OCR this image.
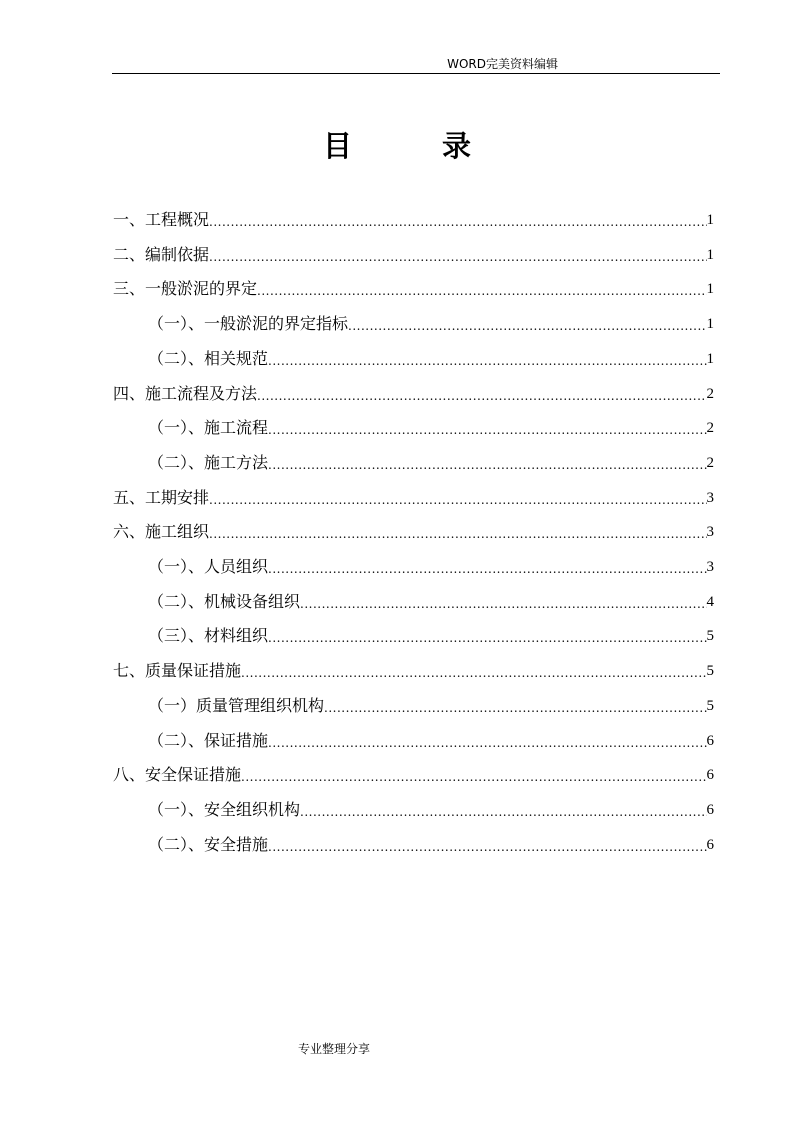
WORD完美资料编辑
目 录
一、工程概况 .....	1
二、编制依据 .....	1
三、一般淤泥的界定 .....	1
（一）、一般淤泥的界定指标 .....	1
（二）、相关规范 .....	1
四、施工流程及方法 .....	2
（一）、施工流程 .....	2
（二）、施工方法 .....	2
五、工期安排 .....	3
六、施工组织 .....	3
（一）、人员组织 .....	3
（二）、机械设备组织 .....	4
（三）、材料组织 .....	5
七、质量保证措施 .....	5
（一）质量管理组织机构 .....	5
（二）、保证措施 .....	6
八、安全保证措施 .....	6
（一）、安全组织机构 .....	6
（二）、安全措施 .....	6
专业整理分享
